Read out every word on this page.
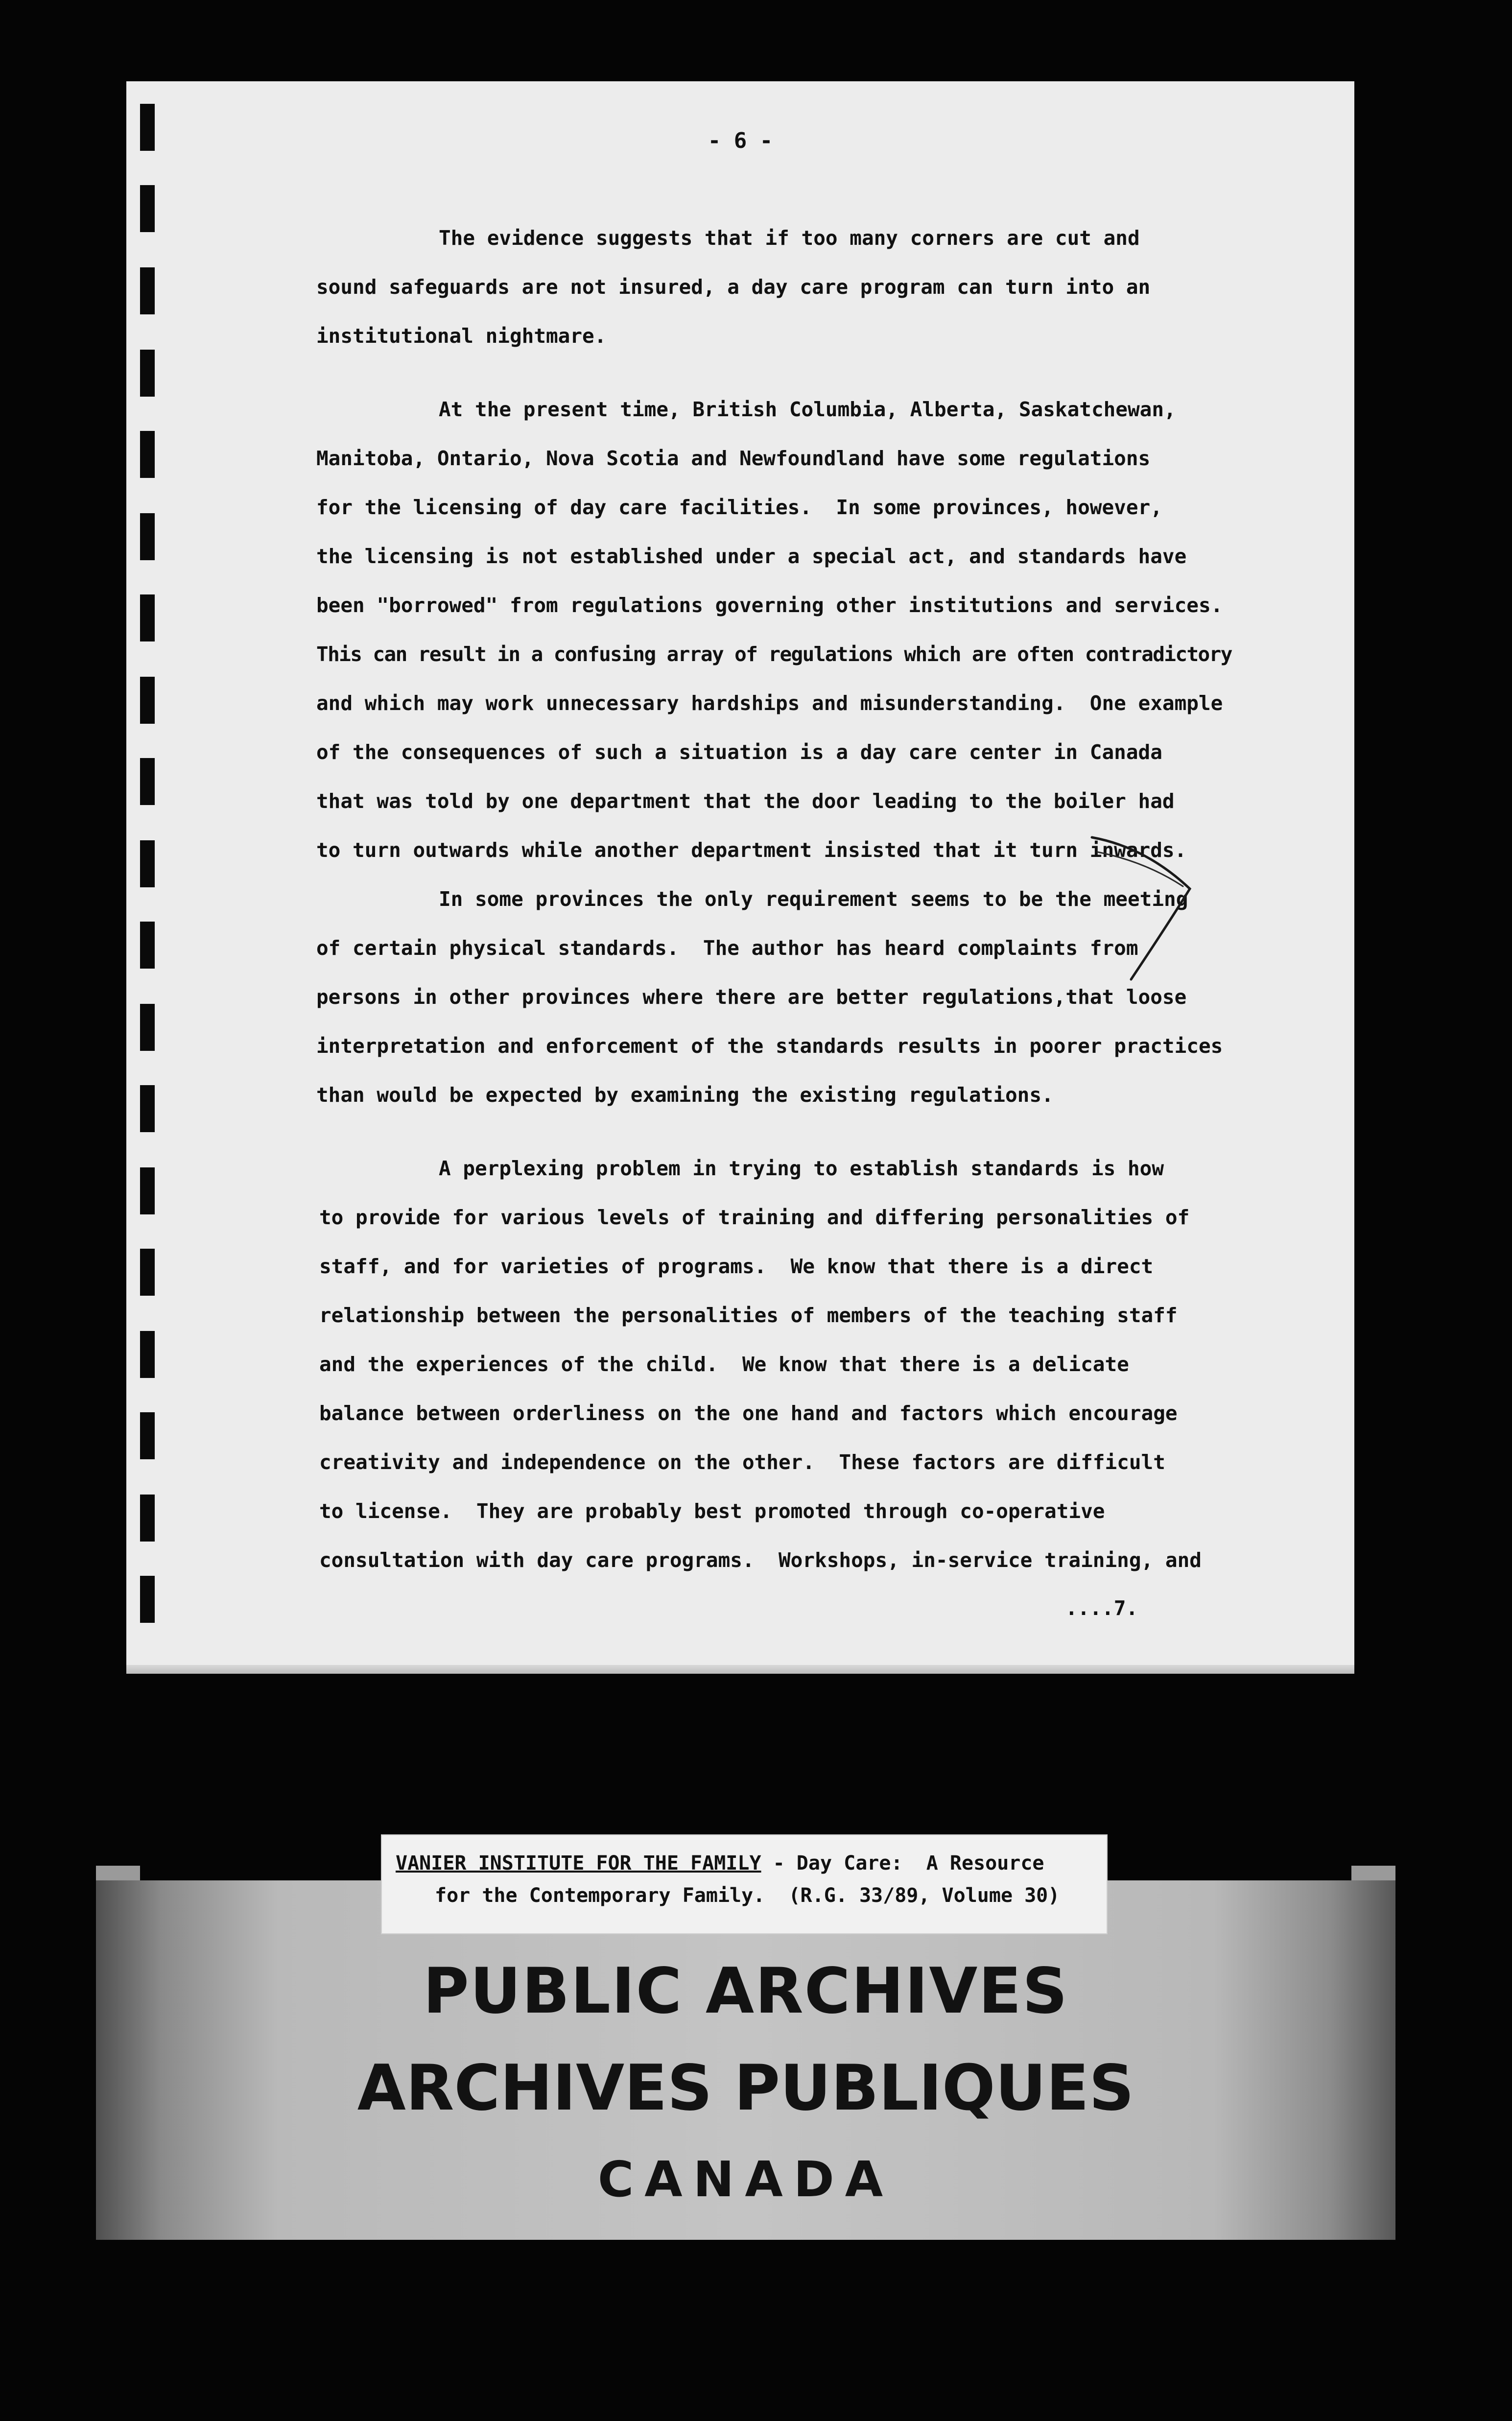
- 6 -

The evidence suggests that if too many corners are cut and

sound safeguards are not insured, a day care program can turn into an

institutional nightmare.

At the present time, British Columbia, Alberta, Saskatchewan,

Manitoba, Ontario, Nova Scotia and Newfoundland have some regulations

for the licensing of day care facilities.  In some provinces, however,

the licensing is not established under a special act, and standards have

been "borrowed" from regulations governing other institutions and services.

This can result in a confusing array of regulations which are often contradictory

and which may work unnecessary hardships and misunderstanding.  One example

of the consequences of such a situation is a day care center in Canada

that was told by one department that the door leading to the boiler had

to turn outwards while another department insisted that it turn inwards.

In some provinces the only requirement seems to be the meeting

of certain physical standards.  The author has heard complaints from

persons in other provinces where there are better regulations,that loose

interpretation and enforcement of the standards results in poorer practices

than would be expected by examining the existing regulations.

A perplexing problem in trying to establish standards is how

to provide for various levels of training and differing personalities of

staff, and for varieties of programs.  We know that there is a direct

relationship between the personalities of members of the teaching staff

and the experiences of the child.  We know that there is a delicate

balance between orderliness on the one hand and factors which encourage

creativity and independence on the other.  These factors are difficult

to license.  They are probably best promoted through co-operative

consultation with day care programs.  Workshops, in-service training, and

....7.

VANIER INSTITUTE FOR THE FAMILY - Day Care:  A Resource

for the Contemporary Family.  (R.G. 33/89, Volume 30)

PUBLIC ARCHIVES

ARCHIVES PUBLIQUES

CANADA
